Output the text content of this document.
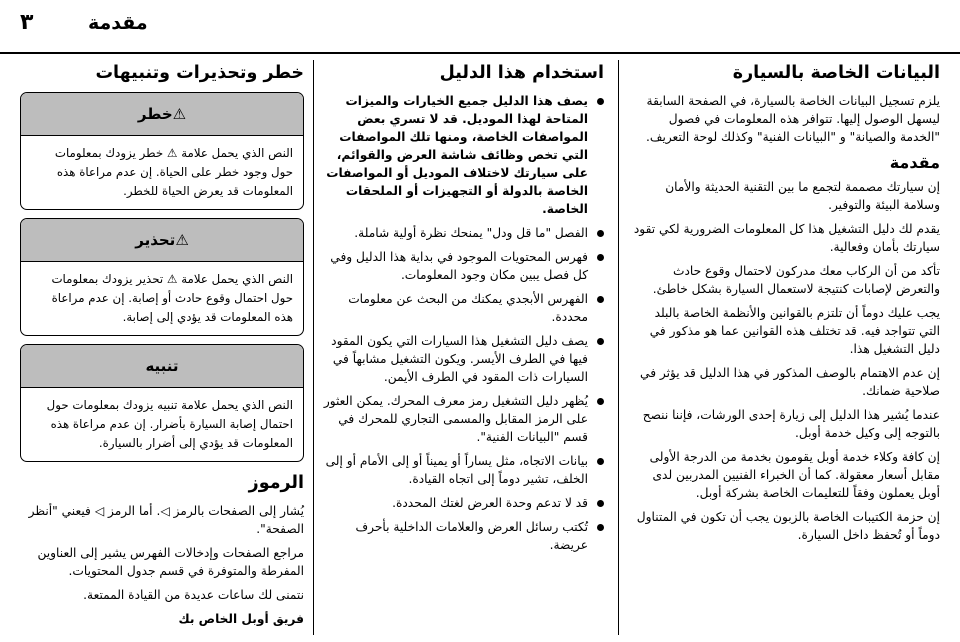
٣	مقدمة
البيانات الخاصة بالسيارة

يلزم تسجيل البيانات الخاصة بالسيارة، في الصفحة السابقة ليسهل الوصول إليها. تتوافر هذه المعلومات في فصول "الخدمة والصيانة" و "البيانات الفنية" وكذلك لوحة التعريف.

مقدمة

إن سيارتك مصممة لتجمع ما بين التقنية الحديثة والأمان وسلامة البيئة والتوفير.

يقدم لك دليل التشغيل هذا كل المعلومات الضرورية لكي تقود سيارتك بأمان وفعالية.

تأكد من أن الركاب معك مدركون لاحتمال وقوع حادث والتعرض لإصابات كنتيجة لاستعمال السيارة بشكل خاطئ.

يجب عليك دوماً أن تلتزم بالقوانين والأنظمة الخاصة بالبلد التي تتواجد فيه. قد تختلف هذه القوانين عما هو مذكور في دليل التشغيل هذا.

إن عدم الاهتمام بالوصف المذكور في هذا الدليل قد يؤثر في صلاحية ضمانك.

عندما يُشير هذا الدليل إلى زيارة إحدى الورشات، فإننا ننصح بالتوجه إلى وكيل خدمة أوبل.

إن كافة وكلاء خدمة أوبل يقومون بخدمة من الدرجة الأولى مقابل أسعار معقولة. كما أن الخبراء الفنيين المدربين لدى أوبل يعملون وفقاً للتعليمات الخاصة بشركة أوبل.

إن حزمة الكتيبات الخاصة بالزبون يجب أن تكون في المتناول دوماً أو تُحفظ داخل السيارة.

استخدام هذا الدليل
يصف هذا الدليل جميع الخيارات والميزات المتاحة لهذا الموديل. قد لا تسري بعض المواصفات الخاصة، ومنها تلك المواصفات التي تخص وظائف شاشة العرض والقوائم، على سيارتك لاختلاف الموديل أو المواصفات الخاصة بالدولة أو التجهيزات أو الملحقات الخاصة.
الفصل "ما قل ودل" يمنحك نظرة أولية شاملة.
فهرس المحتويات الموجود في بداية هذا الدليل وفي كل فصل يبين مكان وجود المعلومات.
الفهرس الأبجدي يمكنك من البحث عن معلومات محددة.
يصف دليل التشغيل هذا السيارات التي يكون المقود فيها في الطرف الأيسر. ويكون التشغيل مشابهاً في السيارات ذات المقود في الطرف الأيمن.
يُظهر دليل التشغيل رمز معرف المحرك. يمكن العثور على الرمز المقابل والمسمى التجاري للمحرك في قسم "البيانات الفنية".
بيانات الاتجاه، مثل يساراً أو يميناً أو إلى الأمام أو إلى الخلف، تشير دوماً إلى اتجاه القيادة.
قد لا تدعم وحدة العرض لغتك المحددة.
تُكتب رسائل العرض والعلامات الداخلية بأحرف عريضة.
خطر وتحذيرات وتنبيهات
⚠خطر
النص الذي يحمل علامة ⚠ خطر يزودك بمعلومات حول وجود خطر على الحياة. إن عدم مراعاة هذه المعلومات قد يعرض الحياة للخطر.
⚠تحذير
النص الذي يحمل علامة ⚠ تحذير يزودك بمعلومات حول احتمال وقوع حادث أو إصابة. إن عدم مراعاة هذه المعلومات قد يؤدي إلى إصابة.
تنبيه
النص الذي يحمل علامة تنبيه يزودك بمعلومات حول احتمال إصابة السيارة بأضرار. إن عدم مراعاة هذه المعلومات قد يؤدي إلى أضرار بالسيارة.
الرموز

يُشار إلى الصفحات بالرمز ◁. أما الرمز ◁ فيعني "أنظر الصفحة".

مراجع الصفحات وإدخالات الفهرس يشير إلى العناوين المفرطة والمتوفرة في قسم جدول المحتويات.

نتمنى لك ساعات عديدة من القيادة الممتعة.

فريق أوبل الخاص بك
